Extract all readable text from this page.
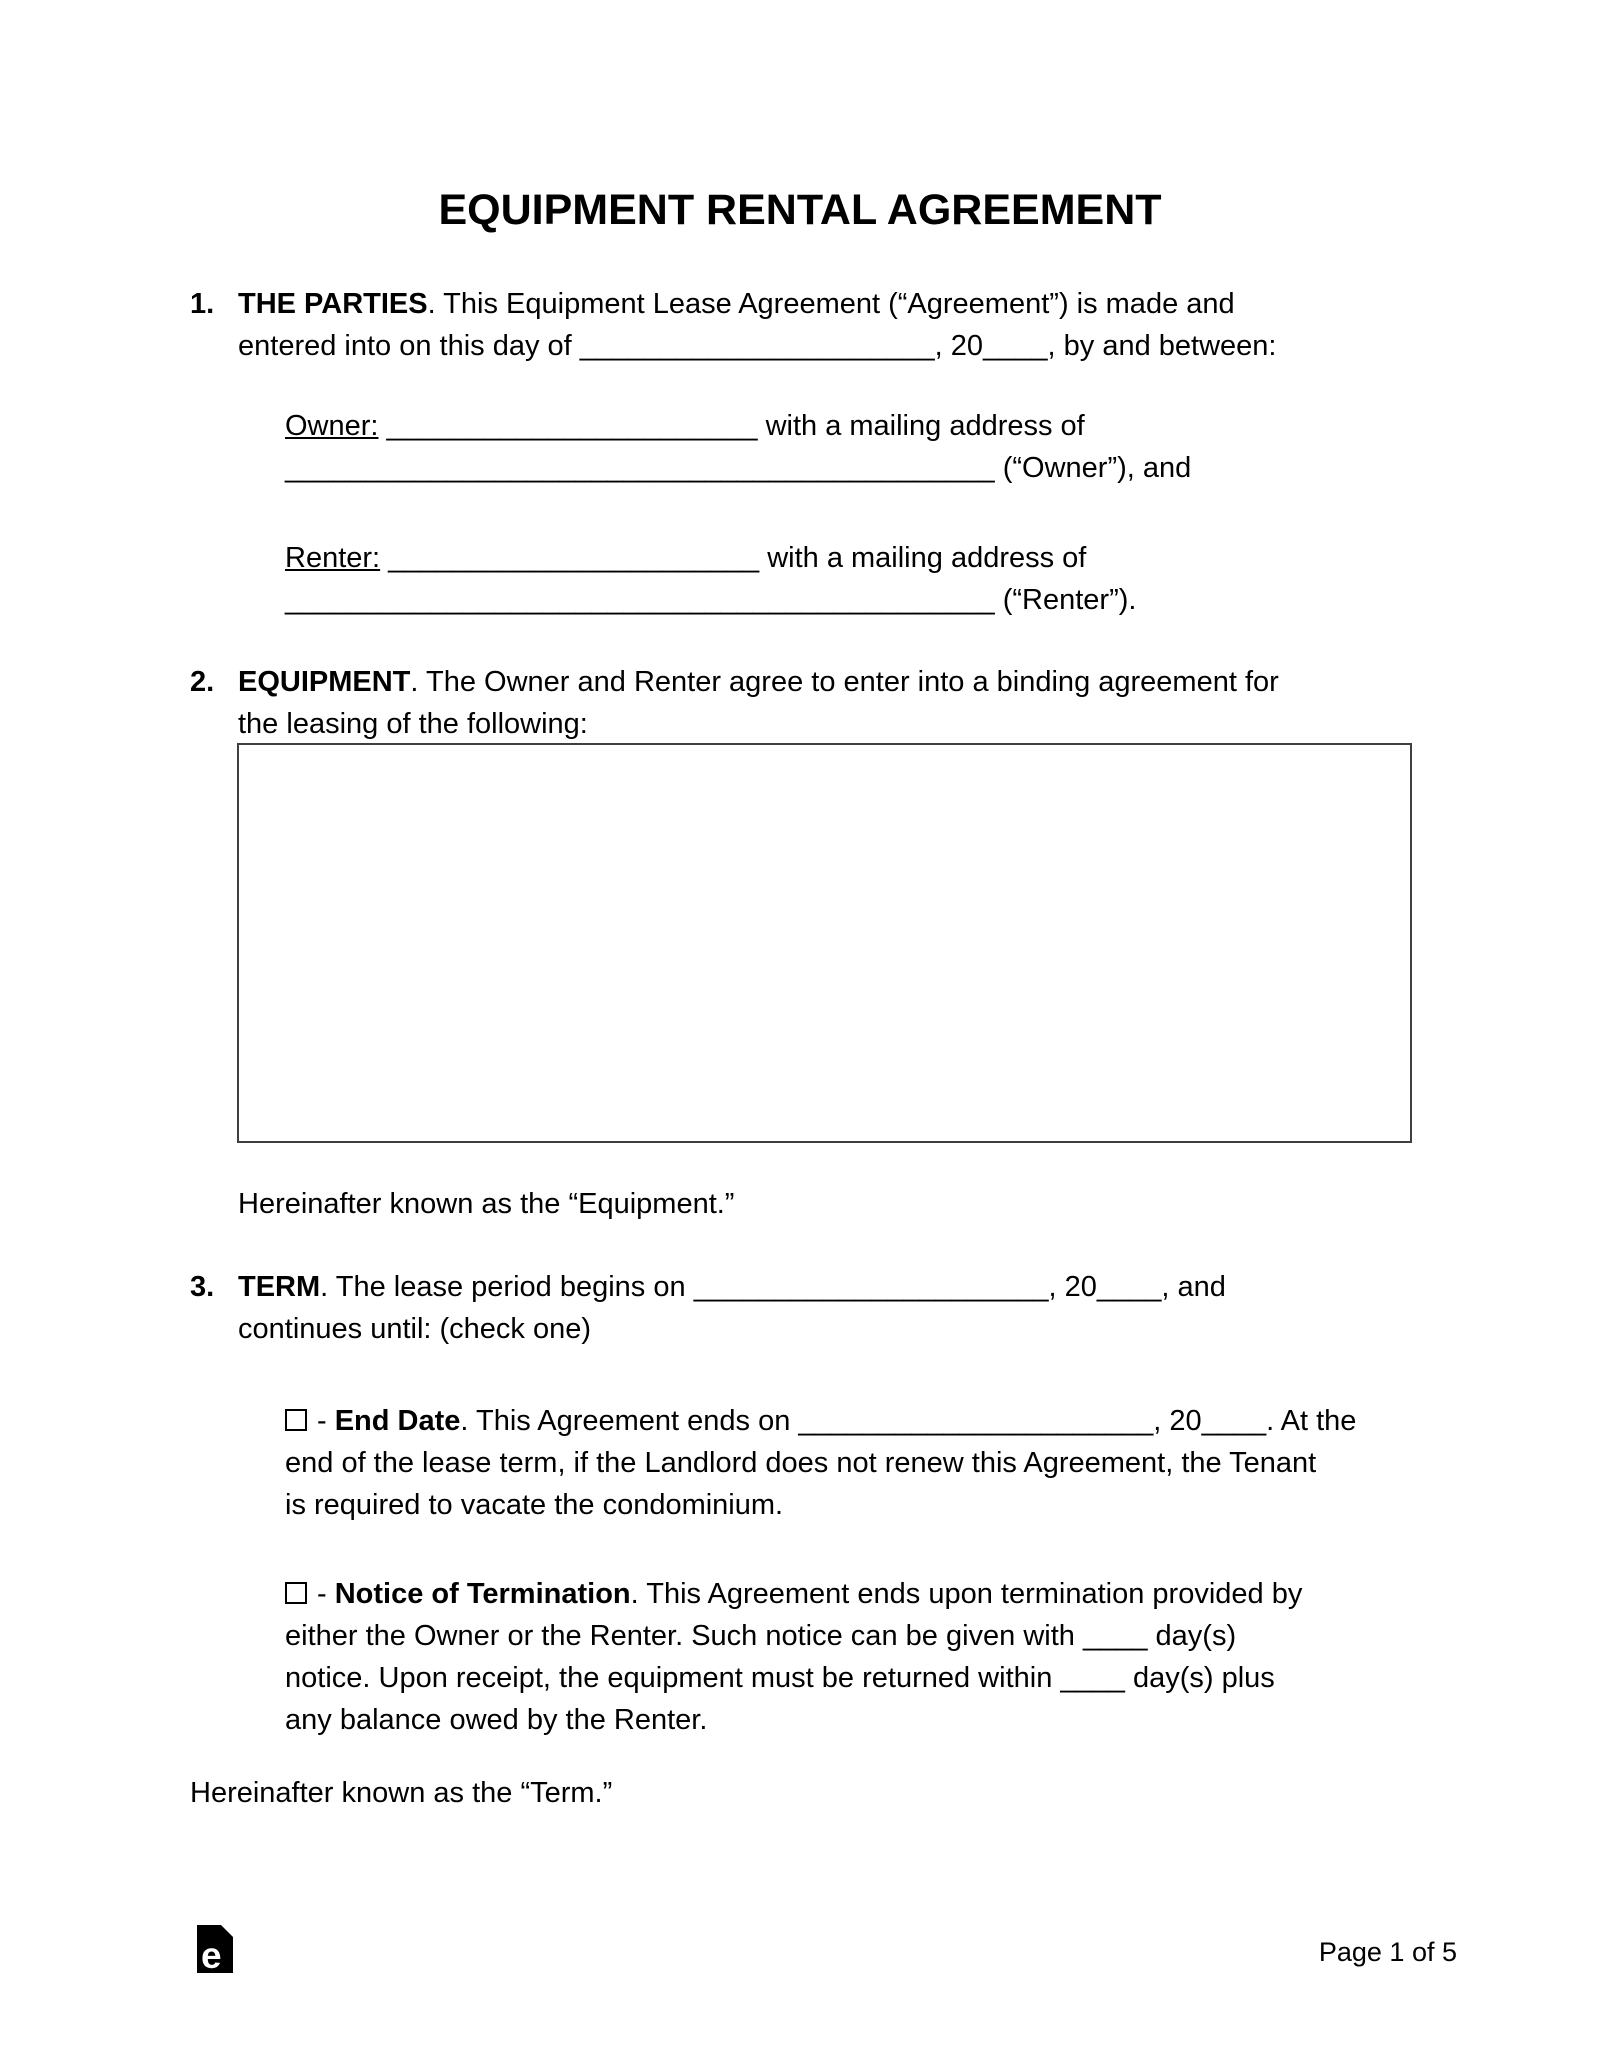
EQUIPMENT RENTAL AGREEMENT
1. THE PARTIES. This Equipment Lease Agreement (“Agreement”) is made and
entered into on this day of ______________________, 20____, by and between:
Owner: _______________________ with a mailing address of
____________________________________________ (“Owner”), and
Renter: _______________________ with a mailing address of
____________________________________________ (“Renter”).
2. EQUIPMENT. The Owner and Renter agree to enter into a binding agreement for
the leasing of the following:
Hereinafter known as the “Equipment.”
3. TERM. The lease period begins on ______________________, 20____, and
continues until: (check one)
- End Date. This Agreement ends on ______________________, 20____. At the
end of the lease term, if the Landlord does not renew this Agreement, the Tenant
is required to vacate the condominium.
- Notice of Termination. This Agreement ends upon termination provided by
either the Owner or the Renter. Such notice can be given with ____ day(s)
notice. Upon receipt, the equipment must be returned within ____ day(s) plus
any balance owed by the Renter.
Hereinafter known as the “Term.”
e	Page 1 of 5
